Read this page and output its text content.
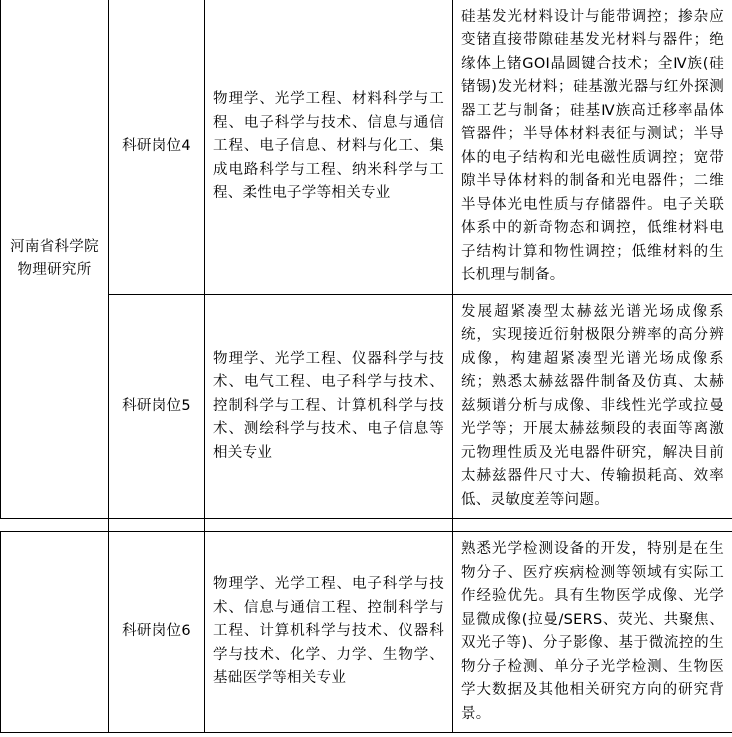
河南省科学院
物理研究所	科研岗位4	物理学、光学工程、材料科学与工程、电子科学与技术、信息与通信工程、电子信息、材料与化工、集成电路科学与工程、纳米科学与工程、柔性电子学等相关专业	硅基发光材料设计与能带调控；掺杂应变锗直接带隙硅基发光材料与器件；绝缘体上锗GOI晶圆键合技术；全Ⅳ族(硅锗锡)发光材料；硅基激光器与红外探测器工艺与制备；硅基Ⅳ族高迁移率晶体管器件；半导体材料表征与测试；半导体的电子结构和光电磁性质调控；宽带隙半导体材料的制备和光电器件；二维半导体光电性质与存储器件。电子关联体系中的新奇物态和调控，低维材料电子结构计算和物性调控；低维材料的生长机理与制备。
	科研岗位5	物理学、光学工程、仪器科学与技术、电气工程、电子科学与技术、控制科学与工程、计算机科学与技术、测绘科学与技术、电子信息等相关专业	发展超紧凑型太赫兹光谱光场成像系统，实现接近衍射极限分辨率的高分辨成像，构建超紧凑型光谱光场成像系统；熟悉太赫兹器件制备及仿真、太赫兹频谱分析与成像、非线性光学或拉曼光学等；开展太赫兹频段的表面等离激元物理性质及光电器件研究，解决目前太赫兹器件尺寸大、传输损耗高、效率低、灵敏度差等问题。

	科研岗位6	物理学、光学工程、电子科学与技术、信息与通信工程、控制科学与工程、计算机科学与技术、仪器科学与技术、化学、力学、生物学、基础医学等相关专业	熟悉光学检测设备的开发，特别是在生物分子、医疗疾病检测等领域有实际工作经验优先。具有生物医学成像、光学显微成像(拉曼/SERS、荧光、共聚焦、双光子等)、分子影像、基于微流控的生物分子检测、单分子光学检测、生物医学大数据及其他相关研究方向的研究背景。
